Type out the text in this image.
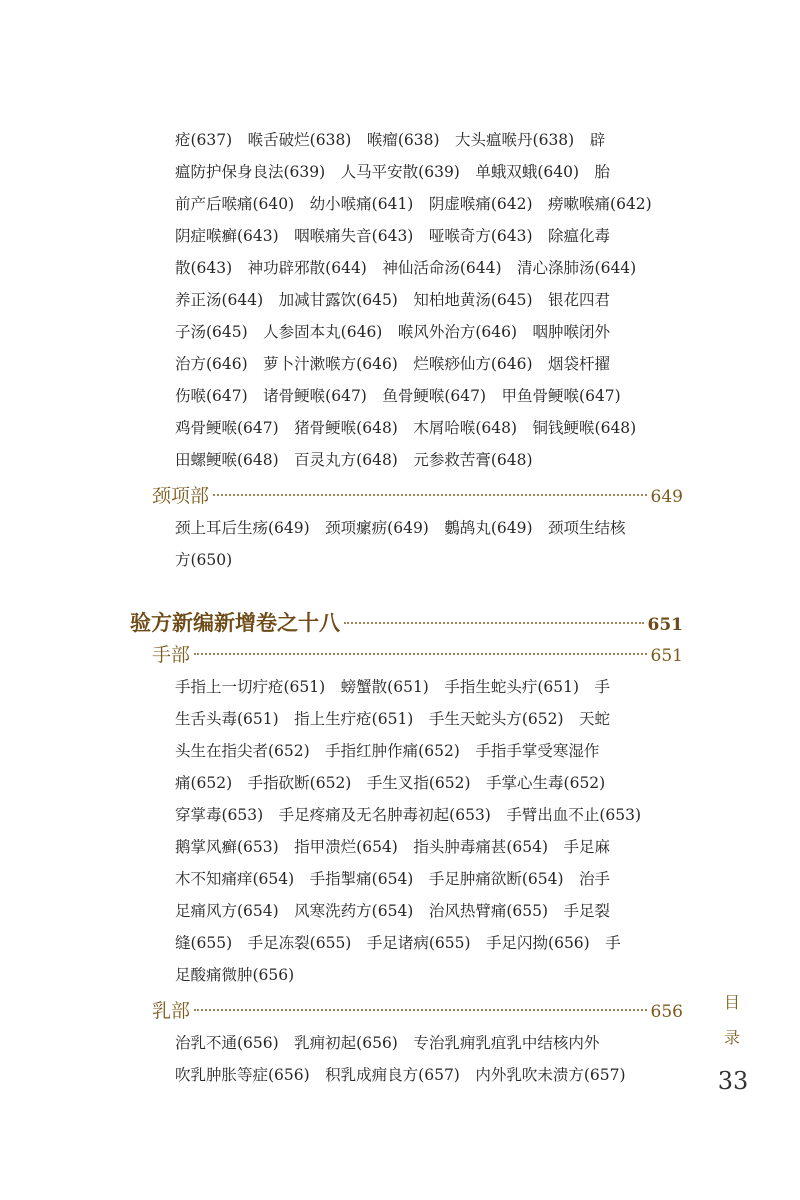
疮(637)　喉舌破烂(638)　喉瘤(638)　大头瘟喉丹(638)　辟

瘟防护保身良法(639)　人马平安散(639)　单蛾双蛾(640)　胎

前产后喉痛(640)　幼小喉痛(641)　阴虚喉痛(642)　痨嗽喉痛(642)

阴症喉癣(643)　咽喉痛失音(643)　哑喉奇方(643)　除瘟化毒

散(643)　神功辟邪散(644)　神仙活命汤(644)　清心涤肺汤(644)

养正汤(644)　加减甘露饮(645)　知柏地黄汤(645)　银花四君

子汤(645)　人参固本丸(646)　喉风外治方(646)　咽肿喉闭外

治方(646)　萝卜汁漱喉方(646)　烂喉痧仙方(646)　烟袋杆擢

伤喉(647)　诸骨鲠喉(647)　鱼骨鲠喉(647)　甲鱼骨鲠喉(647)

鸡骨鲠喉(647)　猪骨鲠喉(648)　木屑哈喉(648)　铜钱鲠喉(648)

田螺鲠喉(648)　百灵丸方(648)　元参救苦膏(648)

颈项部	649

颈上耳后生疡(649)　颈项瘰疬(649)　鷜鸪丸(649)　颈项生结核

方(650)

验方新编新增卷之十八	651
手部	651

手指上一切疔疮(651)　螃蟹散(651)　手指生蛇头疔(651)　手

生舌头毒(651)　指上生疔疮(651)　手生天蛇头方(652)　天蛇

头生在指尖者(652)　手指红肿作痛(652)　手指手掌受寒湿作

痛(652)　手指砍断(652)　手生叉指(652)　手掌心生毒(652)

穿掌毒(653)　手足疼痛及无名肿毒初起(653)　手臂出血不止(653)

鹅掌风癣(653)　指甲溃烂(654)　指头肿毒痛甚(654)　手足麻

木不知痛痒(654)　手指掣痛(654)　手足肿痛欲断(654)　治手

足痛风方(654)　风寒洗药方(654)　治风热臂痛(655)　手足裂

缝(655)　手足冻裂(655)　手足诸病(655)　手足闪拗(656)　手

足酸痛微肿(656)

乳部	656

治乳不通(656)　乳痈初起(656)　专治乳痈乳疽乳中结核内外

吹乳肿胀等症(656)　积乳成痈良方(657)　内外乳吹未溃方(657)

目
录
33
